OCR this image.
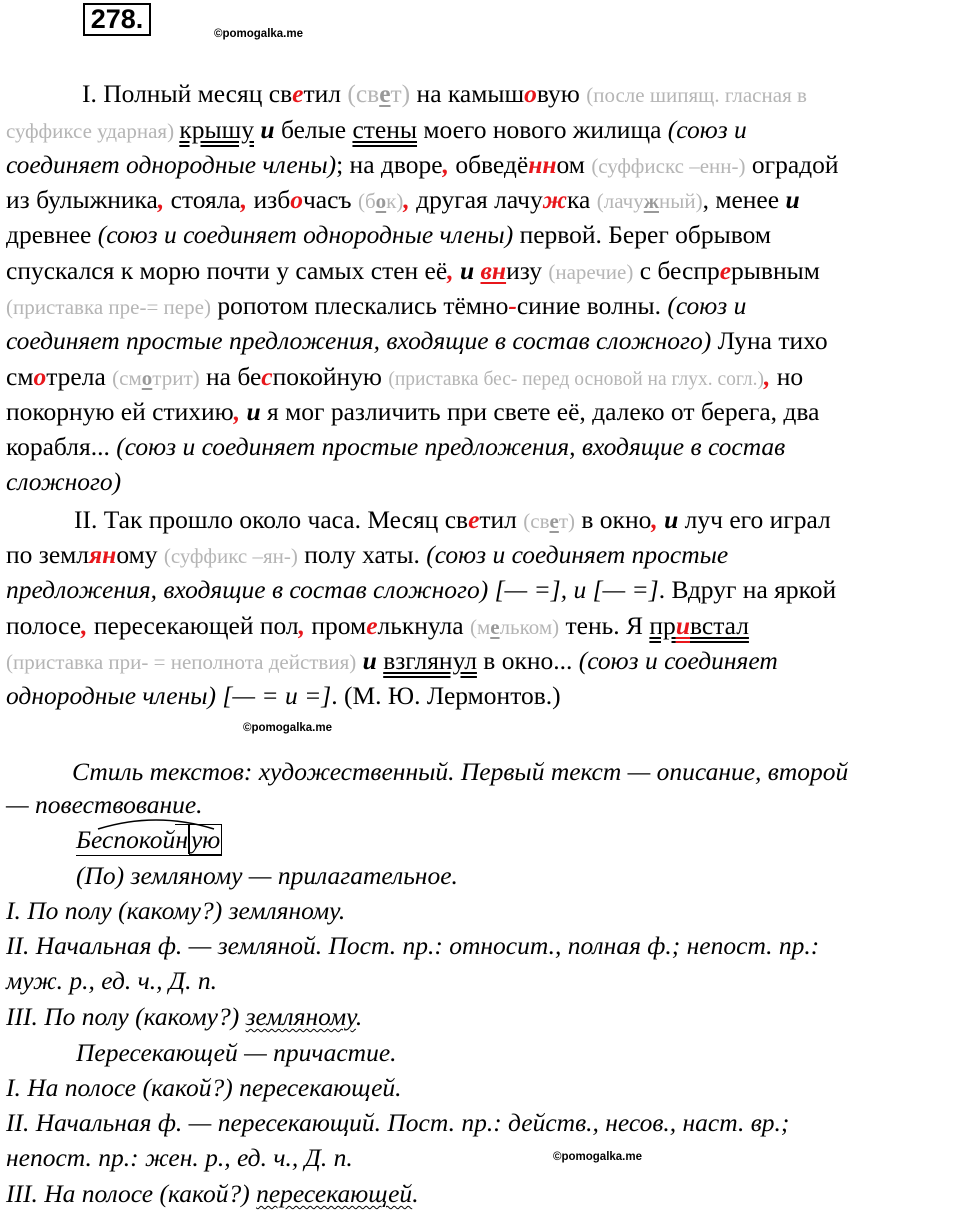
278.	©pomogalka.me
©pomogalka.me
©pomogalka.me
I. Полный месяц светил (свет) на камышовую (после шипящ. гласная в
суффиксе ударная) крышу и белые стены моего нового жилища (союз и
соединяет однородные члены); на дворе, обведённом (суффискс –енн-) оградой
из булыжника, стояла, избочасъ (бок), другая лачужка (лачужный), менее и
древнее (союз и соединяет однородные члены) первой. Берег обрывом
спускался к морю почти у самых стен её, и внизу (наречие) с беспрерывным
(приставка пре-= пере) ропотом плескались тёмно-синие волны. (союз и
соединяет простые предложения, входящие в состав сложного) Луна тихо
смотрела (смотрит) на беспокойную (приставка бес- перед основой на глух. согл.), но
покорную ей стихию, и я мог различить при свете её, далеко от берега, два
корабля... (союз и соединяет простые предложения, входящие в состав
сложного)
II. Так прошло около часа. Месяц светил (свет) в окно, и луч его играл
по земляному (суффикс –ян-) полу хаты. (союз и соединяет простые
предложения, входящие в состав сложного) [— =], и [— =]. Вдруг на яркой
полосе, пересекающей пол, промелькнула (мельком) тень. Я привстал
(приставка при- = неполнота действия) и взглянул в окно... (союз и соединяет
однородные члены) [— = и =]. (М. Ю. Лермонтов.)
Стиль текстов: художественный. Первый текст — описание, второй
— повествование.
Беспокойн ую
(По) земляному — прилагательное.
I. По полу (какому?) земляному.
II. Начальная ф. — земляной. Пост. пр.: относит., полная ф.; непост. пр.:
муж. р., ед. ч., Д. п.
III. По полу (какому?) земляному.
Пересекающей — причастие.
I. На полосе (какой?) пересекающей.
II. Начальная ф. — пересекающий. Пост. пр.: действ., несов., наст. вр.;
непост. пр.: жен. р., ед. ч., Д. п.
III. На полосе (какой?) пересекающей.
